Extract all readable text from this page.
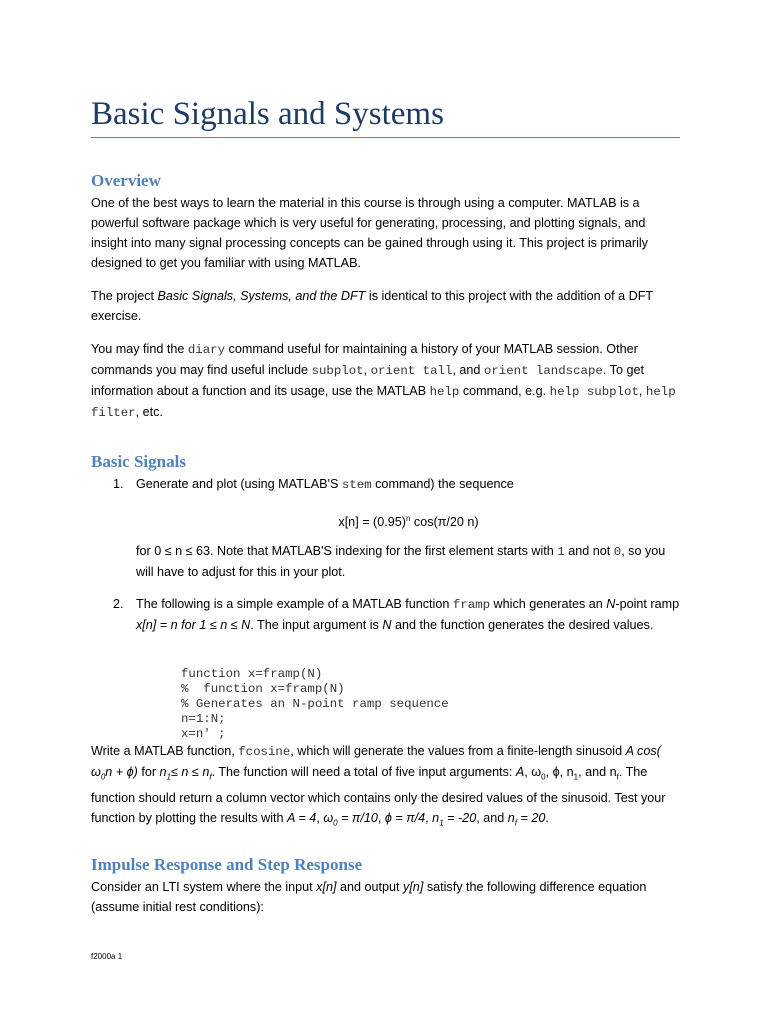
Basic Signals and Systems
Overview

One of the best ways to learn the material in this course is through using a computer. MATLAB is a powerful software package which is very useful for generating, processing, and plotting signals, and insight into many signal processing concepts can be gained through using it. This project is primarily designed to get you familiar with using MATLAB.

The project Basic Signals, Systems, and the DFT is identical to this project with the addition of a DFT exercise.

You may find the diary command useful for maintaining a history of your MATLAB session. Other commands you may find useful include subplot, orient tall, and orient landscape. To get information about a function and its usage, use the MATLAB help command, e.g. help subplot, help filter, etc.

Basic Signals

1. Generate and plot (using MATLAB'S stem command) the sequence

$x[n] = (0.95)^n$ cos(π/20 n)

for 0 ≤ n ≤ 63. Note that MATLAB'S indexing for the first element starts with 1 and not 0, so you will have to adjust for this in your plot.

2. The following is a simple example of a MATLAB function framp which generates an N-point ramp x[n] = n for 1 ≤ n ≤ N. The input argument is N and the function generates the desired values.

function x=framp(N)
%  function x=framp(N)
% Generates an N-point ramp sequence
n=1:N;
x=n' ;

Write a MATLAB function, fcosine, which will generate the values from a finite-length sinusoid A cos( $\omega_0n + \phi$) for $n_1\le n \le n_f$. The function will need a total of five input arguments: A, $\omega_0$, ϕ, $n_1$, and $n_f$. The function should return a column vector which contains only the desired values of the sinusoid. Test your function by plotting the results with A = 4, $\omega_0 = \pi/10$, ϕ = π/4, $n_1 = -20$, and $n_f = 20$.

Impulse Response and Step Response

Consider an LTI system where the input x[n] and output y[n] satisfy the following difference equation (assume initial rest conditions):

f2000a 1
